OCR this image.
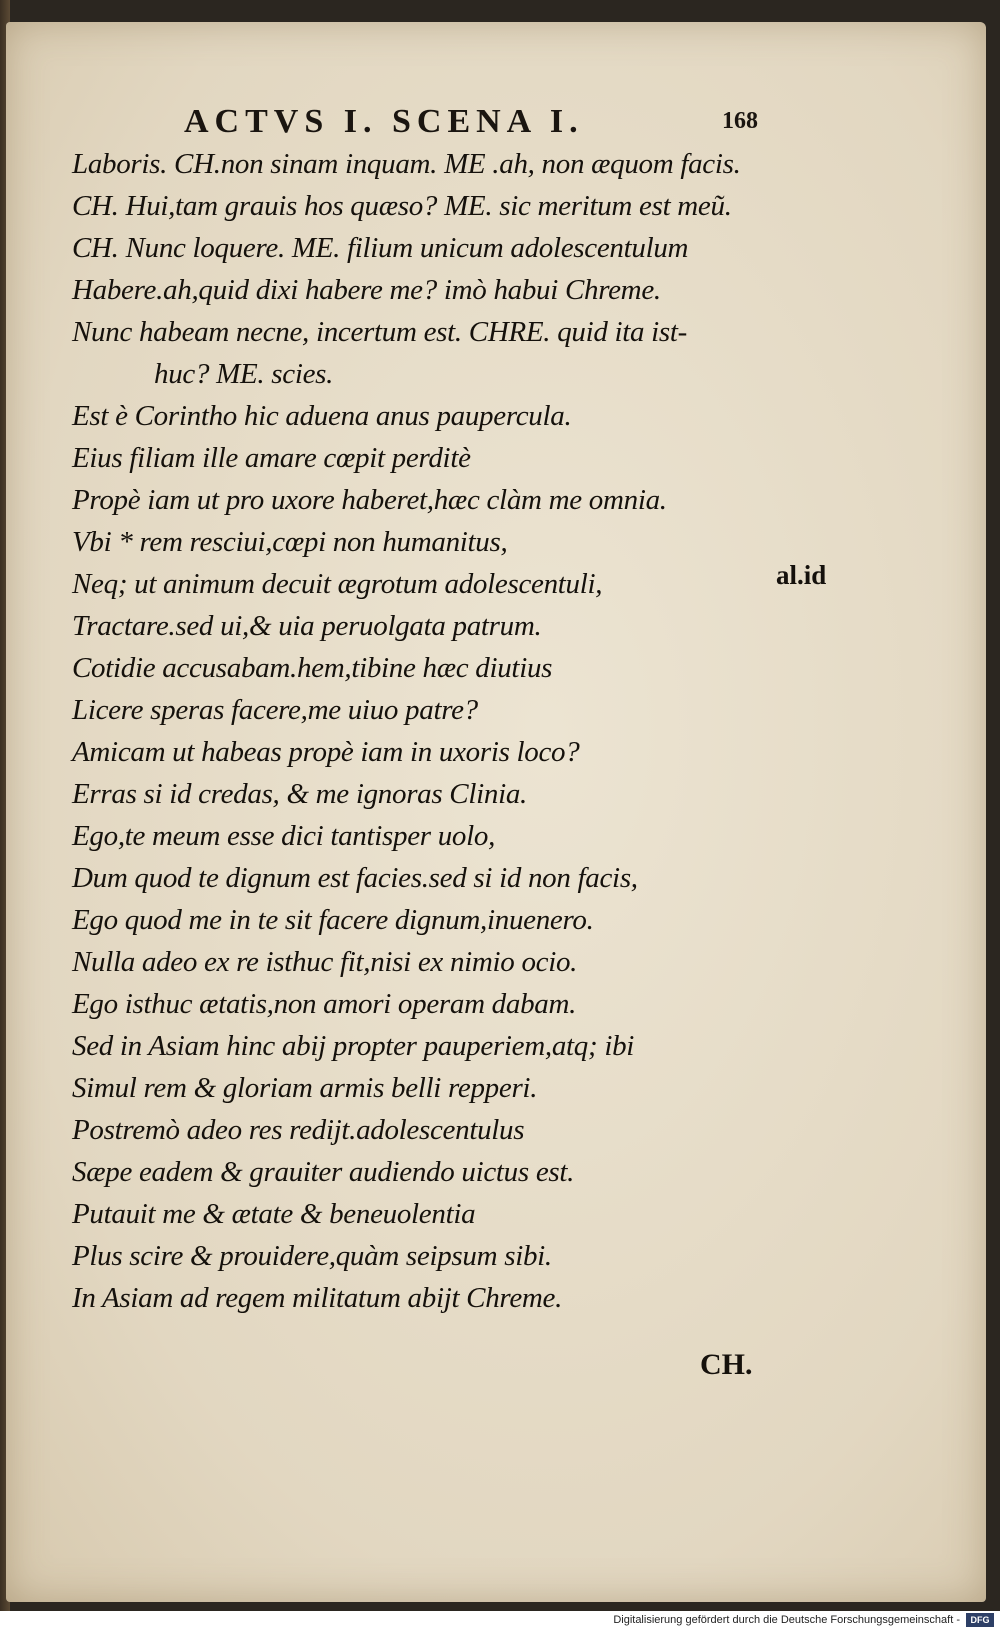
ACTVS I. SCENA I.	168
Laboris. CH.non sinam inquam. ME .ah, non æquom facis.
CH. Hui,tam grauis hos quæso? ME. sic meritum est meũ.
CH. Nunc loquere. ME. filium unicum adolescentulum
Habere.ah,quid dixi habere me? imò habui Chreme.
Nunc habeam necne, incertum est. CHRE. quid ita ist-
huc? ME. scies.
Est è Corintho hic aduena anus paupercula.
Eius filiam ille amare cœpit perditè
Propè iam ut pro uxore haberet,hæc clàm me omnia.
Vbi * rem resciui,cœpi non humanitus,
Neq; ut animum decuit ægrotum adolescentuli,
Tractare.sed ui,& uia peruolgata patrum.
Cotidie accusabam.hem,tibine hæc diutius
Licere speras facere,me uiuo patre?
Amicam ut habeas propè iam in uxoris loco?
Erras si id credas, & me ignoras Clinia.
Ego,te meum esse dici tantisper uolo,
Dum quod te dignum est facies.sed si id non facis,
Ego quod me in te sit facere dignum,inuenero.
Nulla adeo ex re isthuc fit,nisi ex nimio ocio.
Ego isthuc ætatis,non amori operam dabam.
Sed in Asiam hinc abij propter pauperiem,atq; ibi
Simul rem & gloriam armis belli repperi.
Postremò adeo res redijt.adolescentulus
Sæpe eadem & grauiter audiendo uictus est.
Putauit me & ætate & beneuolentia
Plus scire & prouidere,quàm seipsum sibi.
In Asiam ad regem militatum abijt Chreme.
al.id
CH.
Digitalisierung gefördert durch die Deutsche Forschungsgemeinschaft -	DFG
